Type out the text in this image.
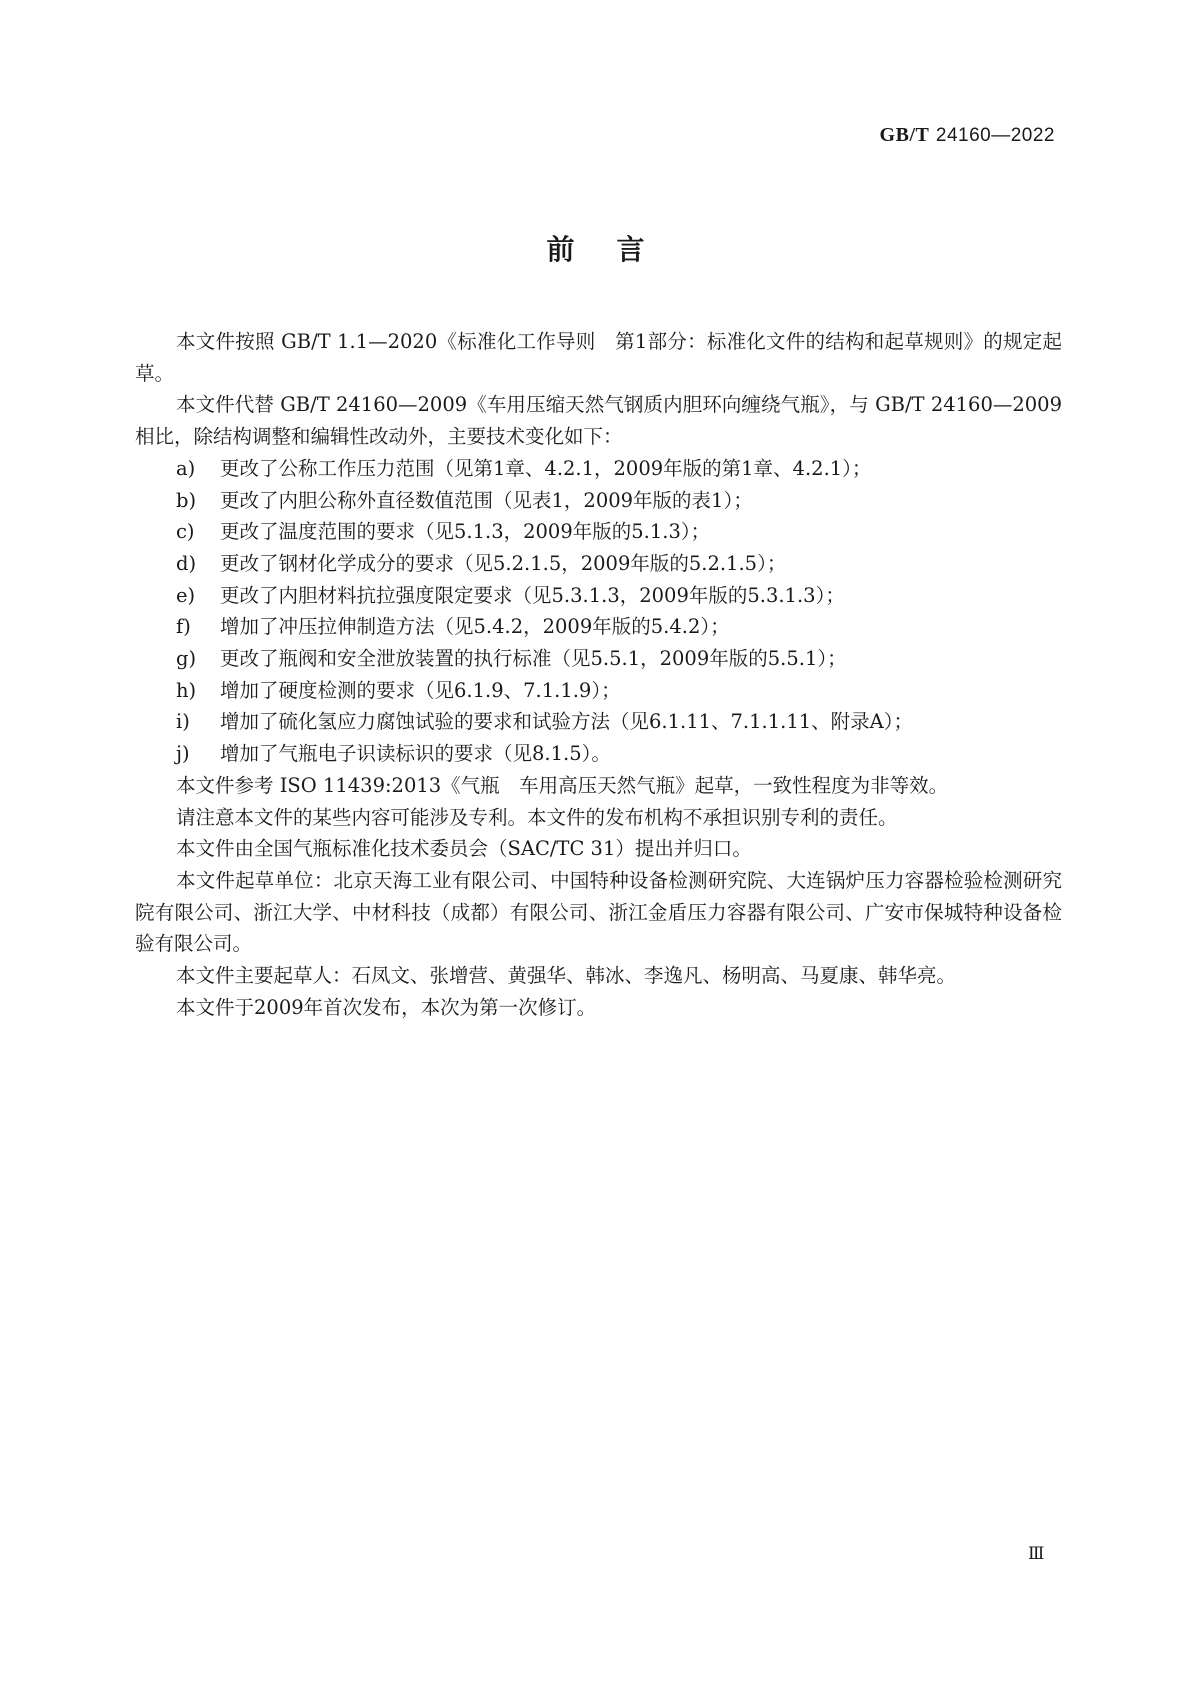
GB/T 24160—2022
前言

本文件按照 GB/T 1.1—2020《标准化工作导则　第1部分：标准化文件的结构和起草规则》的规定起草。

本文件代替 GB/T 24160—2009《车用压缩天然气钢质内胆环向缠绕气瓶》，与 GB/T 24160—2009 相比，除结构调整和编辑性改动外，主要技术变化如下：

a)	更改了公称工作压力范围（见第1章、4.2.1，2009年版的第1章、4.2.1）；
b)	更改了内胆公称外直径数值范围（见表1，2009年版的表1）；
c)	更改了温度范围的要求（见5.1.3，2009年版的5.1.3）；
d)	更改了钢材化学成分的要求（见5.2.1.5，2009年版的5.2.1.5）；
e)	更改了内胆材料抗拉强度限定要求（见5.3.1.3，2009年版的5.3.1.3）；
f)	增加了冲压拉伸制造方法（见5.4.2，2009年版的5.4.2）；
g)	更改了瓶阀和安全泄放装置的执行标准（见5.5.1，2009年版的5.5.1）；
h)	增加了硬度检测的要求（见6.1.9、7.1.1.9）；
i)	增加了硫化氢应力腐蚀试验的要求和试验方法（见6.1.11、7.1.1.11、附录A）；
j)	增加了气瓶电子识读标识的要求（见8.1.5）。

本文件参考 ISO 11439:2013《气瓶　车用高压天然气瓶》起草，一致性程度为非等效。

请注意本文件的某些内容可能涉及专利。本文件的发布机构不承担识别专利的责任。

本文件由全国气瓶标准化技术委员会（SAC/TC 31）提出并归口。

本文件起草单位：北京天海工业有限公司、中国特种设备检测研究院、大连锅炉压力容器检验检测研究院有限公司、浙江大学、中材科技（成都）有限公司、浙江金盾压力容器有限公司、广安市保城特种设备检验有限公司。

本文件主要起草人：石凤文、张增营、黄强华、韩冰、李逸凡、杨明高、马夏康、韩华亮。

本文件于2009年首次发布，本次为第一次修订。

Ⅲ
